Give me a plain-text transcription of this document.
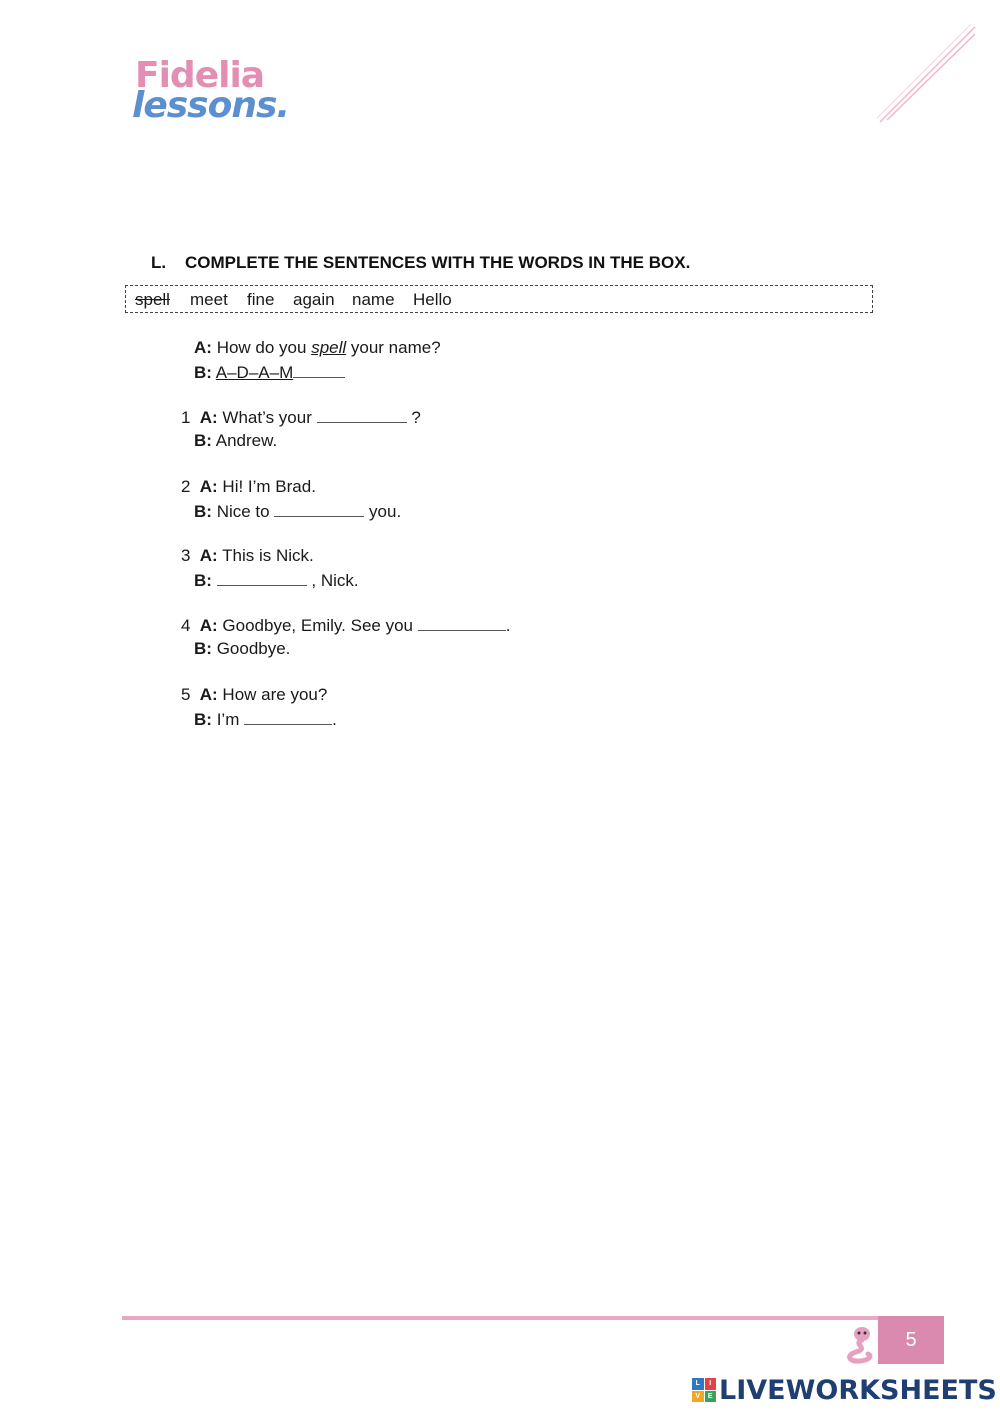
Fidelia
lessons.
L. COMPLETE THE SENTENCES WITH THE WORDS IN THE BOX.
spell meet fine again name Hello
A: How do you spell your name?
B: A–D–A–M
1 A: What’s your	?
B: Andrew.
2 A: Hi! I’m Brad.
B: Nice to	you.
3 A: This is Nick.
B:	, Nick.
4 A: Goodbye, Emily. See you	.
B: Goodbye.
5 A: How are you?
B: I’m	.
5
L	I
V	E LIVEWORKSHEETS
